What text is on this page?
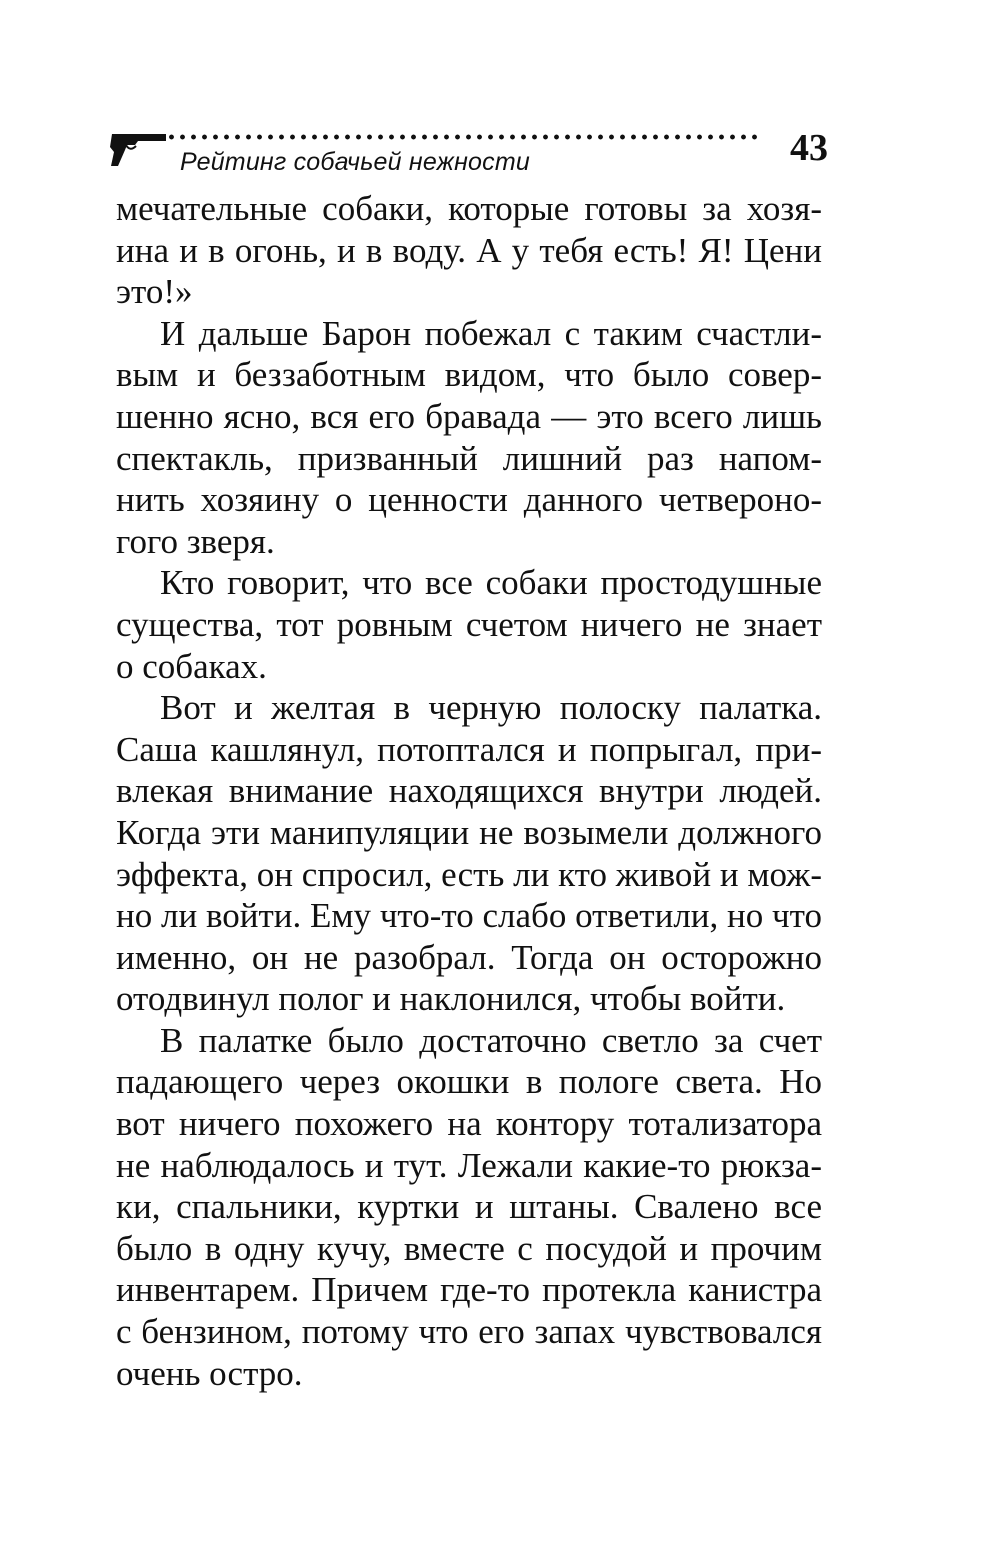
Рейтинг собачьей нежности	43

мечательные собаки, которые готовы за хозя-
ина и в огонь, и в воду. А у тебя есть! Я! Цени
это!»

И дальше Барон побежал с таким счастли-
вым и беззаботным видом, что было совер-
шенно ясно, вся его бравада — это всего лишь
спектакль, призванный лишний раз напом-
нить хозяину о ценности данного четвероно-
гого зверя.

Кто говорит, что все собаки простодушные
существа, тот ровным счетом ничего не знает
о собаках.

Вот и желтая в черную полоску палатка.
Саша кашлянул, потоптался и попрыгал, при-
влекая внимание находящихся внутри людей.
Когда эти манипуляции не возымели должного
эффекта, он спросил, есть ли кто живой и мож-
но ли войти. Ему что-то слабо ответили, но что
именно, он не разобрал. Тогда он осторожно
отодвинул полог и наклонился, чтобы войти.

В палатке было достаточно светло за счет
падающего через окошки в пологе света. Но
вот ничего похожего на контору тотализатора
не наблюдалось и тут. Лежали какие-то рюкза-
ки, спальники, куртки и штаны. Свалено все
было в одну кучу, вместе с посудой и прочим
инвентарем. Причем где-то протекла канистра
с бензином, потому что его запах чувствовался
очень остро.
